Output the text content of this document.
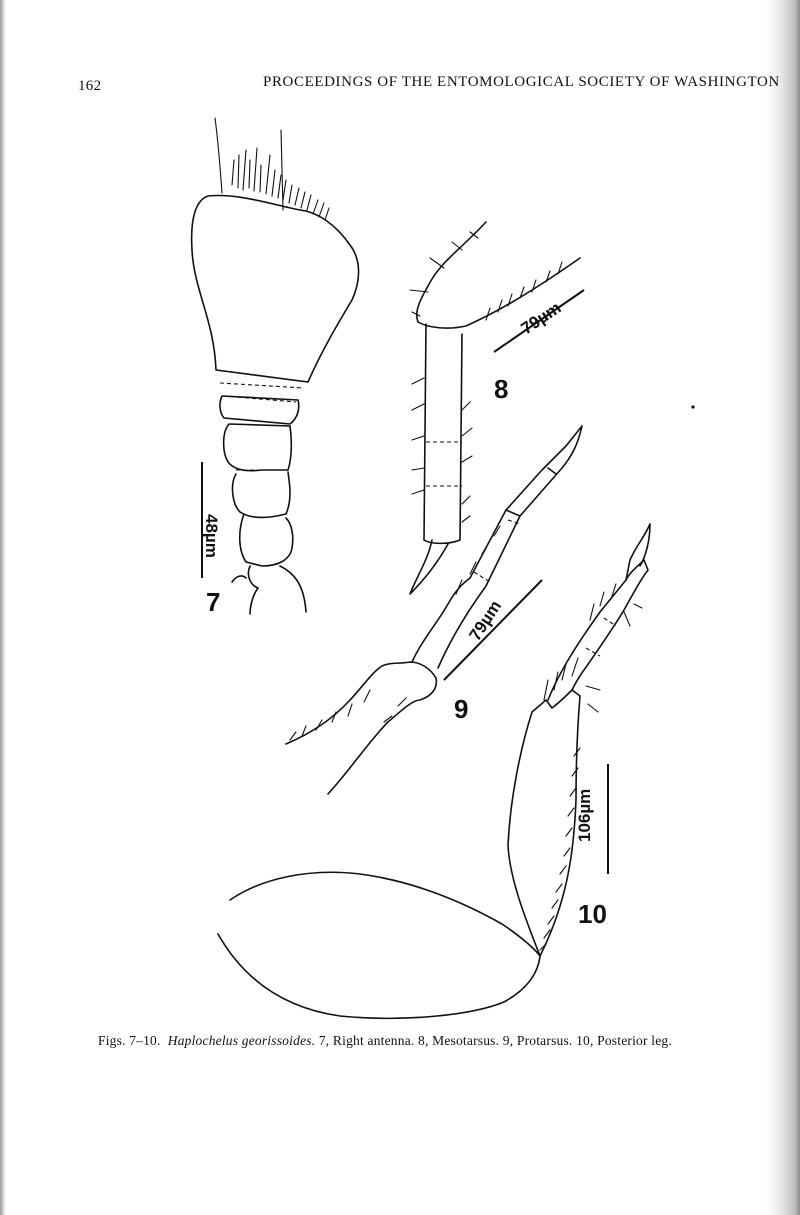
162	PROCEEDINGS OF THE ENTOMOLOGICAL SOCIETY OF WASHINGTON
48µm
7
79µm
8
79µm
9
106µm
10
Figs. 7–10. Haplochelus georissoides. 7, Right antenna. 8, Mesotarsus. 9, Protarsus. 10, Posterior leg.
